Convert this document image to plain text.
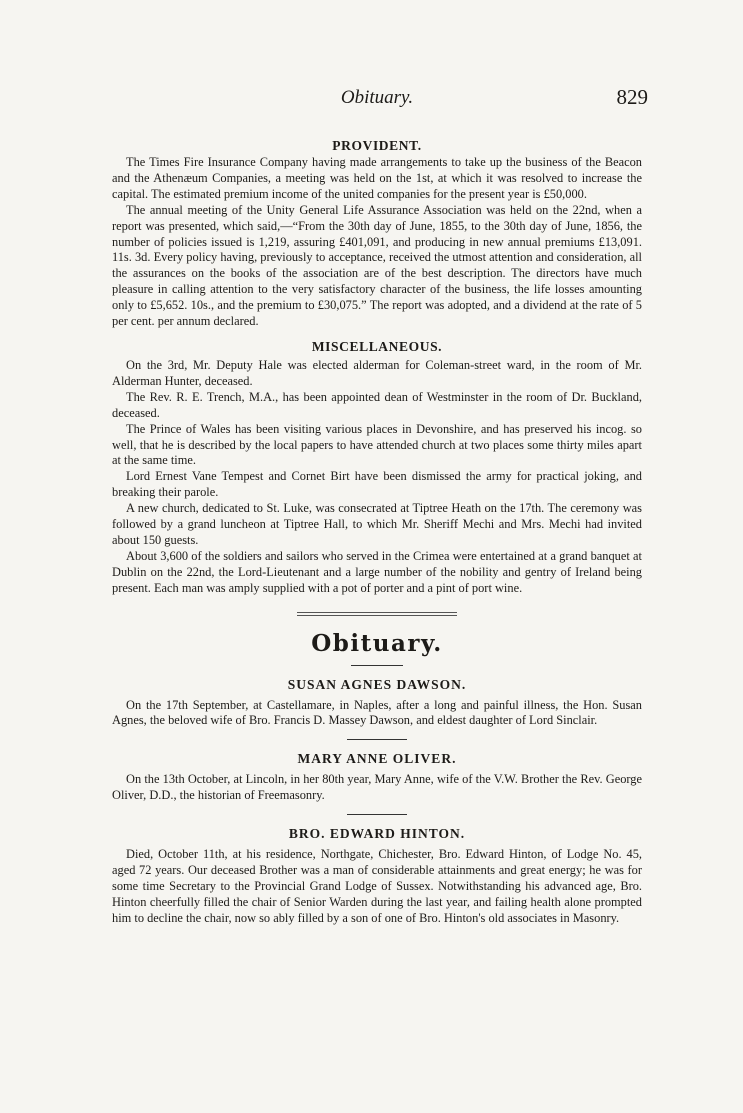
Obituary.	829
PROVIDENT.

The Times Fire Insurance Company having made arrangements to take up the business of the Beacon and the Athenæum Companies, a meeting was held on the 1st, at which it was resolved to increase the capital. The estimated premium income of the united companies for the present year is £50,000.

The annual meeting of the Unity General Life Assurance Association was held on the 22nd, when a report was presented, which said,—“From the 30th day of June, 1855, to the 30th day of June, 1856, the number of policies issued is 1,219, assuring £401,091, and producing in new annual premiums £13,091. 11s. 3d. Every policy having, previously to acceptance, received the utmost attention and consideration, all the assurances on the books of the association are of the best description. The directors have much pleasure in calling attention to the very satisfactory character of the business, the life losses amounting only to £5,652. 10s., and the premium to £30,075.” The report was adopted, and a dividend at the rate of 5 per cent. per annum declared.

MISCELLANEOUS.

On the 3rd, Mr. Deputy Hale was elected alderman for Coleman-street ward, in the room of Mr. Alderman Hunter, deceased.

The Rev. R. E. Trench, M.A., has been appointed dean of Westminster in the room of Dr. Buckland, deceased.

The Prince of Wales has been visiting various places in Devonshire, and has preserved his incog. so well, that he is described by the local papers to have attended church at two places some thirty miles apart at the same time.

Lord Ernest Vane Tempest and Cornet Birt have been dismissed the army for practical joking, and breaking their parole.

A new church, dedicated to St. Luke, was consecrated at Tiptree Heath on the 17th. The ceremony was followed by a grand luncheon at Tiptree Hall, to which Mr. Sheriff Mechi and Mrs. Mechi had invited about 150 guests.

About 3,600 of the soldiers and sailors who served in the Crimea were entertained at a grand banquet at Dublin on the 22nd, the Lord-Lieutenant and a large number of the nobility and gentry of Ireland being present. Each man was amply supplied with a pot of porter and a pint of port wine.

Obituary.
SUSAN AGNES DAWSON.

On the 17th September, at Castellamare, in Naples, after a long and painful illness, the Hon. Susan Agnes, the beloved wife of Bro. Francis D. Massey Dawson, and eldest daughter of Lord Sinclair.

MARY ANNE OLIVER.

On the 13th October, at Lincoln, in her 80th year, Mary Anne, wife of the V.W. Brother the Rev. George Oliver, D.D., the historian of Freemasonry.

BRO. EDWARD HINTON.

Died, October 11th, at his residence, Northgate, Chichester, Bro. Edward Hinton, of Lodge No. 45, aged 72 years. Our deceased Brother was a man of considerable attainments and great energy; he was for some time Secretary to the Provincial Grand Lodge of Sussex. Notwithstanding his advanced age, Bro. Hinton cheerfully filled the chair of Senior Warden during the last year, and failing health alone prompted him to decline the chair, now so ably filled by a son of one of Bro. Hinton's old associates in Masonry.
